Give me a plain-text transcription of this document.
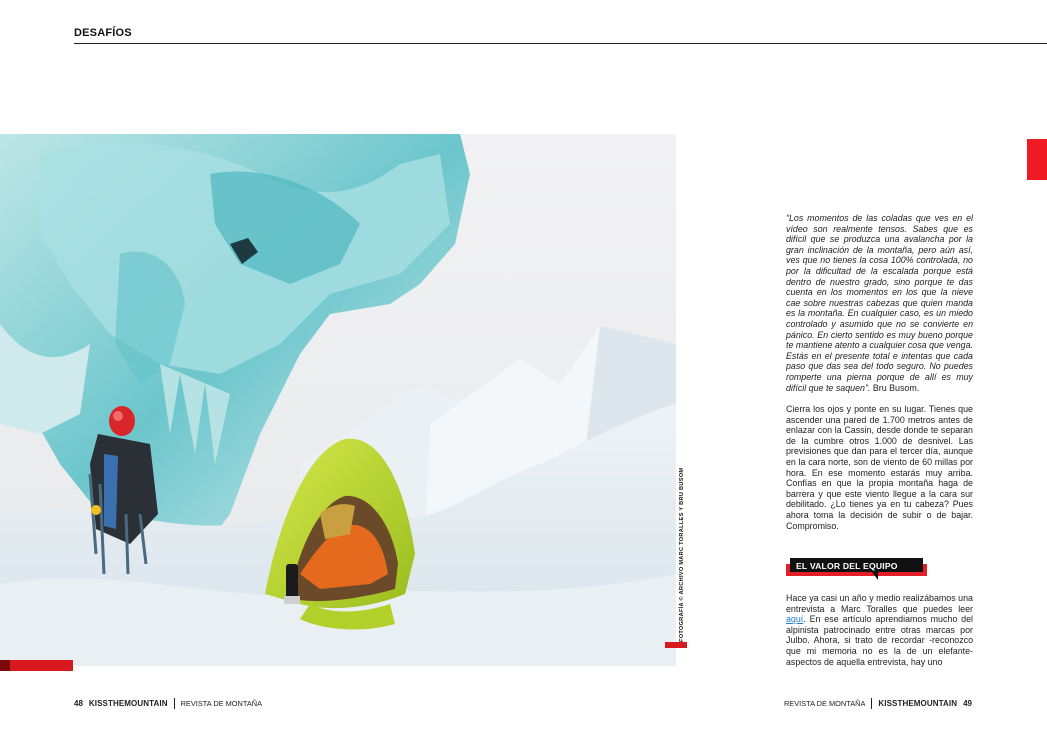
DESAFÍOS
FOTOGRAFÍA © ARCHIVO MARC TORALLES Y BRU BUSOM
“Los momentos de las coladas que ves en el vídeo son realmente tensos. Sabes que es difícil que se produzca una avalancha por la gran inclinación de la montaña, pero aún así, ves que no tienes la cosa 100% controlada, no por la dificultad de la escalada porque está dentro de nuestro grado, sino porque te das cuenta en los momentos en los que la nieve cae sobre nuestras cabezas que quien manda es la montaña. En cualquier caso, es un miedo controlado y asumido que no se convierte en pánico. En cierto sentido es muy bueno porque te mantiene atento a cualquier cosa que venga. Estás en el presente total e intentas que cada paso que das sea del todo seguro. No puedes romperte una pierna porque de allí es muy difícil que te saquen”. Bru Busom.
Cierra los ojos y ponte en su lugar. Tienes que ascender una pared de 1.700 metros antes de enlazar con la Cassin, desde donde te separan de la cumbre otros 1.000 de desnivel. Las previsiones que dan para el tercer día, aunque en la cara norte, son de viento de 60 millas por hora. En ese momento estarás muy arriba. Confías en que la propia montaña haga de barrera y que este viento llegue a la cara sur debilitado. ¿Lo tienes ya en tu cabeza? Pues ahora toma la decisión de subir o de bajar. Compromiso.
EL VALOR DEL EQUIPO
Hace ya casi un año y medio realizábamos una entrevista a Marc Toralles que puedes leer aquí. En ese artículo aprendiamos mucho del alpinista patrocinado entre otras marcas por Julbo. Ahora, si trato de recordar -reconozco que mi memoria no es la de un elefante- aspectos de aquella entrevista, hay uno
48 KISSTHEMOUNTAIN REVISTA DE MONTAÑA	REVISTA DE MONTAÑA KISSTHEMOUNTAIN 49
